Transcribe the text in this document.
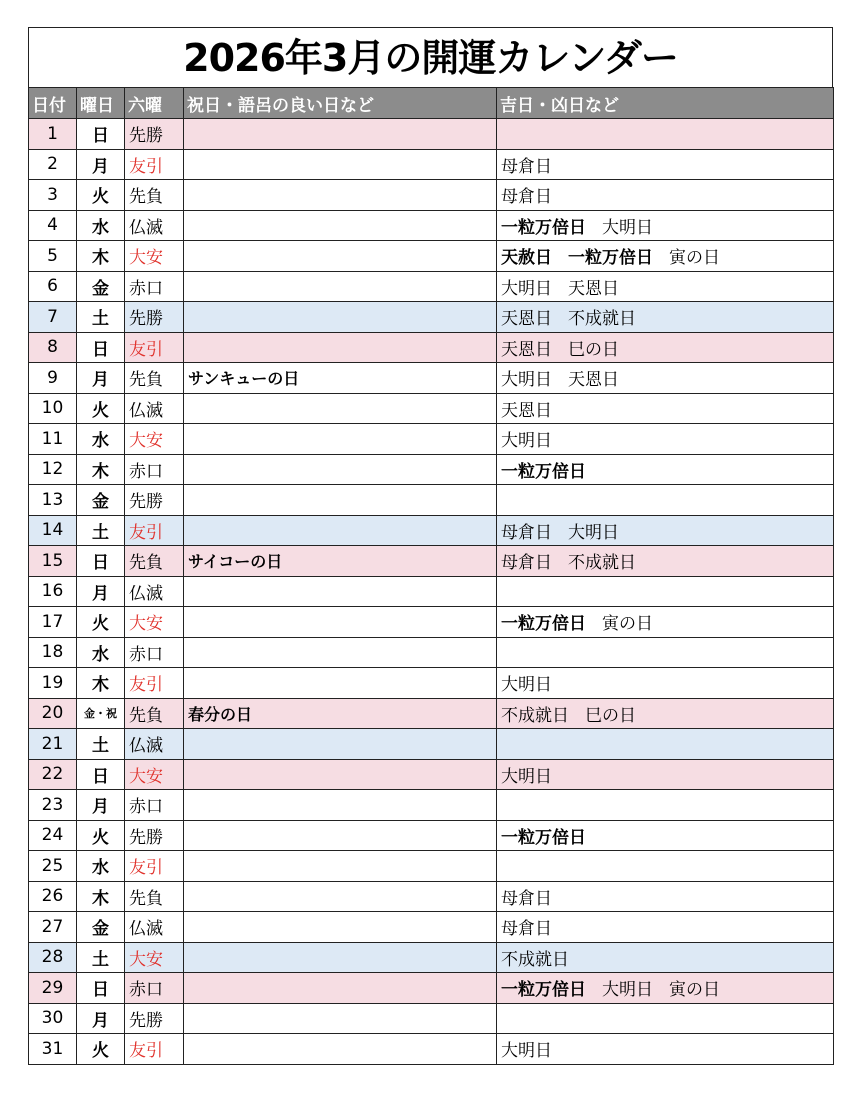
2026年3月の開運カレンダー
日付	曜日	六曜	祝日・語呂の良い日など	吉日・凶日など
1	日	先勝		
2	月	友引		母倉日
3	火	先負		母倉日
4	水	仏滅		一粒万倍日 大明日
5	木	大安		天赦日 一粒万倍日 寅の日
6	金	赤口		大明日 天恩日
7	土	先勝		天恩日 不成就日
8	日	友引		天恩日 巳の日
9	月	先負	サンキューの日	大明日 天恩日
10	火	仏滅		天恩日
11	水	大安		大明日
12	木	赤口		一粒万倍日
13	金	先勝		
14	土	友引		母倉日 大明日
15	日	先負	サイコーの日	母倉日 不成就日
16	月	仏滅		
17	火	大安		一粒万倍日 寅の日
18	水	赤口		
19	木	友引		大明日
20	金・祝	先負	春分の日	不成就日 巳の日
21	土	仏滅		
22	日	大安		大明日
23	月	赤口		
24	火	先勝		一粒万倍日
25	水	友引		
26	木	先負		母倉日
27	金	仏滅		母倉日
28	土	大安		不成就日
29	日	赤口		一粒万倍日 大明日 寅の日
30	月	先勝		
31	火	友引		大明日
